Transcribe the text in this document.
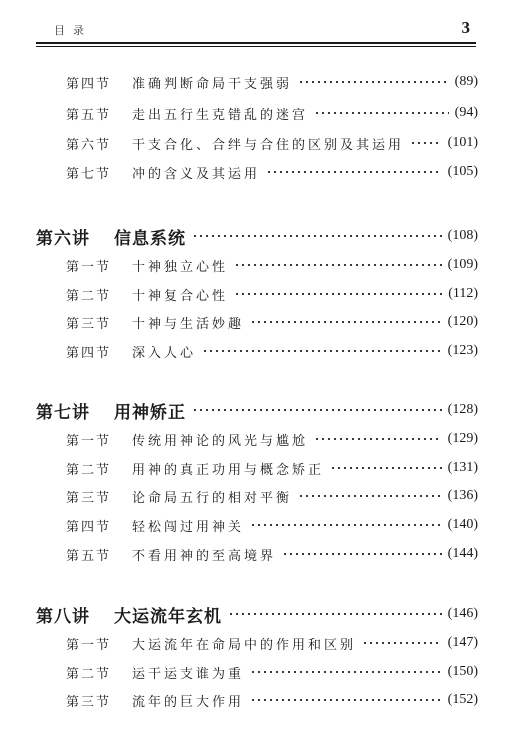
目录	3
第四节	准确判断命局干支强弱	(89)
第五节	走出五行生克错乱的迷宫	(94)
第六节	干支合化、合绊与合住的区别及其运用	(101)
第七节	冲的含义及其运用	(105)
第六讲	信息系统	(108)
第一节	十神独立心性	(109)
第二节	十神复合心性	(112)
第三节	十神与生活妙趣	(120)
第四节	深入人心	(123)
第七讲	用神矫正	(128)
第一节	传统用神论的风光与尴尬	(129)
第二节	用神的真正功用与概念矫正	(131)
第三节	论命局五行的相对平衡	(136)
第四节	轻松闯过用神关	(140)
第五节	不看用神的至高境界	(144)
第八讲	大运流年玄机	(146)
第一节	大运流年在命局中的作用和区别	(147)
第二节	运干运支谁为重	(150)
第三节	流年的巨大作用	(152)
